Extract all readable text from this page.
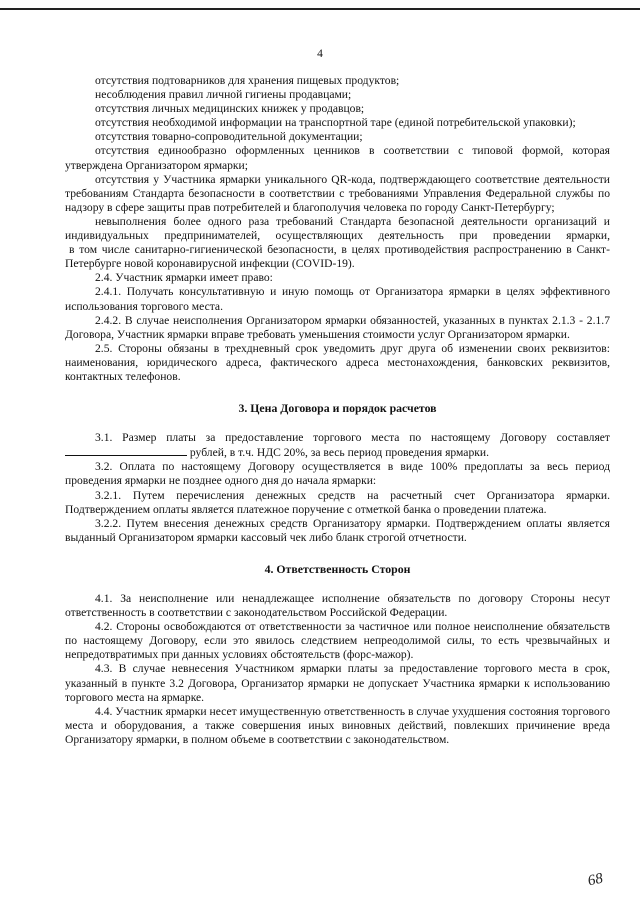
4

отсутствия подтоварников для хранения пищевых продуктов;

несоблюдения правил личной гигиены продавцами;

отсутствия личных медицинских книжек у продавцов;

отсутствия необходимой информации на транспортной таре (единой потребительской упаковки);

отсутствия товарно-сопроводительной документации;

отсутствия единообразно оформленных ценников в соответствии с типовой формой, которая утверждена Организатором ярмарки;

отсутствия у Участника ярмарки уникального QR-кода, подтверждающего соответствие деятельности требованиям Стандарта безопасности в соответствии с требованиями Управления Федеральной службы по надзору в сфере защиты прав потребителей и благополучия человека по городу Санкт-Петербургу;

невыполнения более одного раза требований Стандарта безопасной деятельности организаций и индивидуальных предпринимателей, осуществляющих деятельность при проведении ярмарки,

в том числе санитарно-гигиенической безопасности, в целях противодействия распространению в Санкт-Петербурге новой коронавирусной инфекции (COVID-19).

2.4. Участник ярмарки имеет право:

2.4.1. Получать консультативную и иную помощь от Организатора ярмарки в целях эффективного использования торгового места.

2.4.2. В случае неисполнения Организатором ярмарки обязанностей, указанных в пунктах 2.1.3 - 2.1.7 Договора, Участник ярмарки вправе требовать уменьшения стоимости услуг Организатором ярмарки.

2.5. Стороны обязаны в трехдневный срок уведомить друг друга об изменении своих реквизитов: наименования, юридического адреса, фактического адреса местонахождения, банковских реквизитов, контактных телефонов.

3. Цена Договора и порядок расчетов

3.1. Размер платы за предоставление торгового места по настоящему Договору составляет  рублей, в т.ч. НДС 20%, за весь период проведения ярмарки.

3.2. Оплата по настоящему Договору осуществляется в виде 100% предоплаты за весь период проведения ярмарки не позднее одного дня до начала ярмарки:

3.2.1. Путем перечисления денежных средств на расчетный счет Организатора ярмарки. Подтверждением оплаты является платежное поручение с отметкой банка о проведении платежа.

3.2.2. Путем внесения денежных средств Организатору ярмарки. Подтверждением оплаты является выданный Организатором ярмарки кассовый чек либо бланк строгой отчетности.

4. Ответственность Сторон

4.1. За неисполнение или ненадлежащее исполнение обязательств по договору Стороны несут ответственность в соответствии с законодательством Российской Федерации.

4.2. Стороны освобождаются от ответственности за частичное или полное неисполнение обязательств по настоящему Договору, если это явилось следствием непреодолимой силы, то есть чрезвычайных и непредотвратимых при данных условиях обстоятельств (форс-мажор).

4.3. В случае невнесения Участником ярмарки платы за предоставление торгового места в срок, указанный в пункте 3.2 Договора, Организатор ярмарки не допускает Участника ярмарки к использованию торгового места на ярмарке.

4.4. Участник ярмарки несет имущественную ответственность в случае ухудшения состояния торгового места и оборудования, а также совершения иных виновных действий, повлекших причинение вреда Организатору ярмарки, в полном объеме в соответствии с законодательством.

68
